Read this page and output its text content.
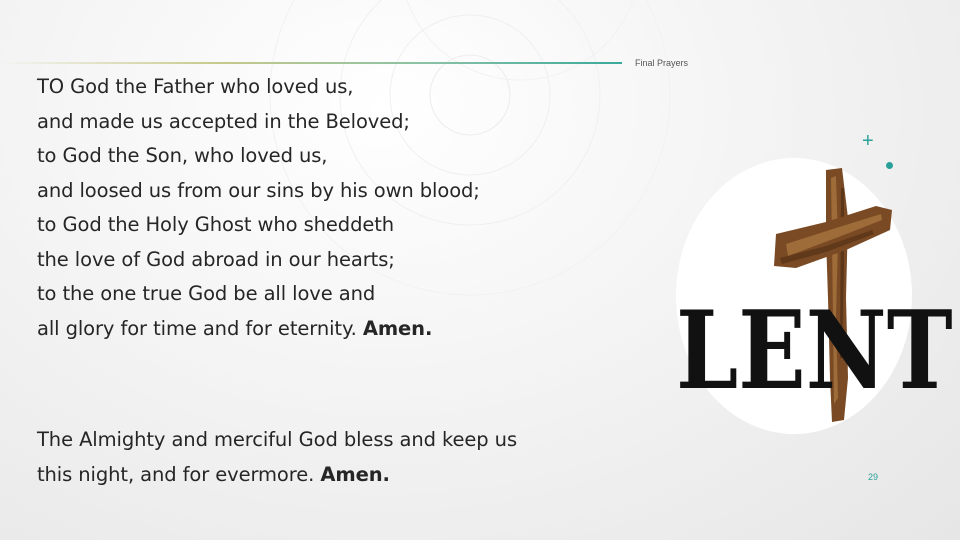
Final Prayers

TO God the Father who loved us,
and made us accepted in the Beloved;
to God the Son, who loved us,
and loosed us from our sins by his own blood;
to God the Holy Ghost who sheddeth
the love of God abroad in our hearts;
to the one true God be all love and
all glory for time and for eternity. Amen.

The Almighty and merciful God bless and keep us
this night, and for evermore. Amen.

+
LENT
29
